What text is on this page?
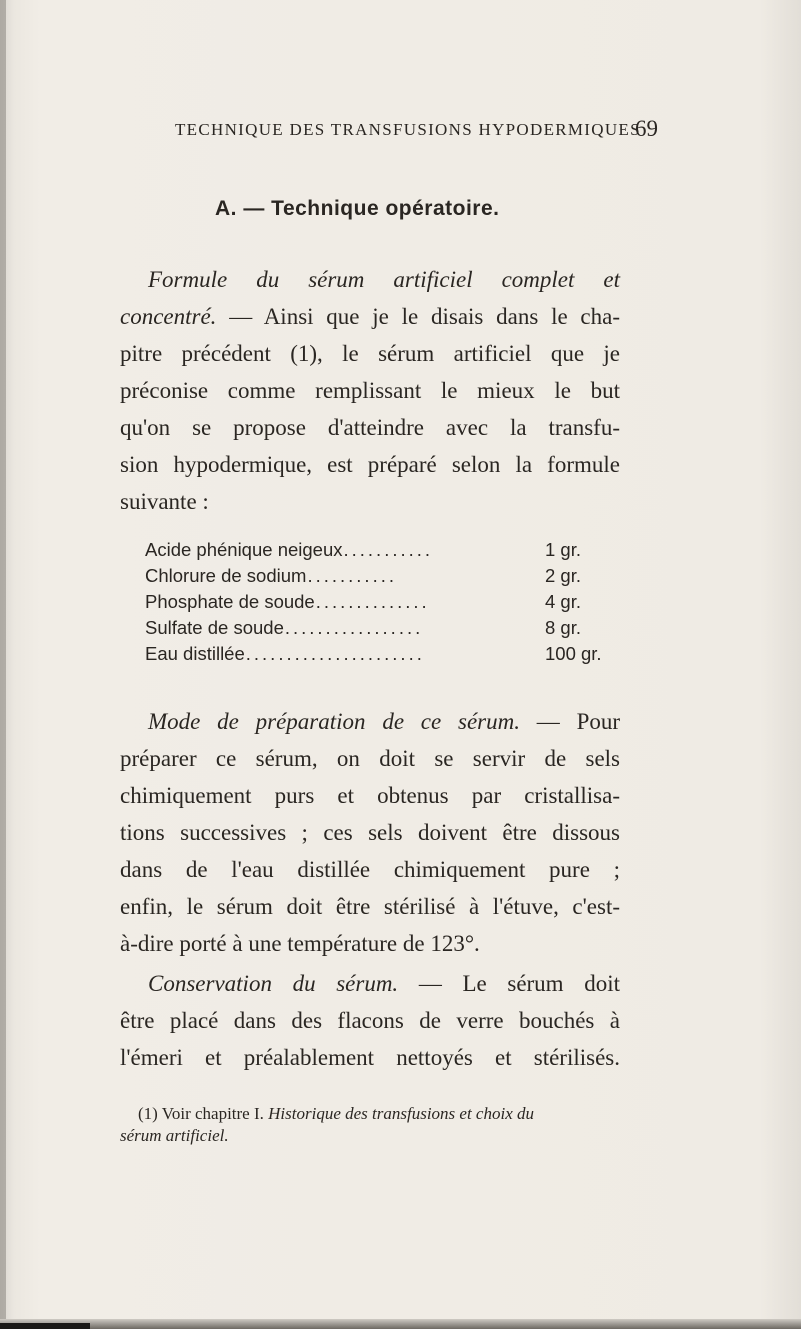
TECHNIQUE DES TRANSFUSIONS HYPODERMIQUES
69
A. — Technique opératoire.
Formule du sérum artificiel complet et
concentré. — Ainsi que je le disais dans le cha-
pitre précédent (1), le sérum artificiel que je
préconise comme remplissant le mieux le but
qu'on se propose d'atteindre avec la transfu-
sion hypodermique, est préparé selon la formule
suivante :
Acide phénique neigeux ...........	1 gr.
Chlorure de sodium ...........	2 gr.
Phosphate de soude ..............	4 gr.
Sulfate de soude .................	8 gr.
Eau distillée ......................	100 gr.
Mode de préparation de ce sérum. — Pour
préparer ce sérum, on doit se servir de sels
chimiquement purs et obtenus par cristallisa-
tions successives ; ces sels doivent être dissous
dans de l'eau distillée chimiquement pure ;
enfin, le sérum doit être stérilisé à l'étuve, c'est-
à-dire porté à une température de 123°.
Conservation du sérum. — Le sérum doit
être placé dans des flacons de verre bouchés à
l'émeri et préalablement nettoyés et stérilisés.
(1) Voir chapitre I. Historique des transfusions et choix du
sérum artificiel.
